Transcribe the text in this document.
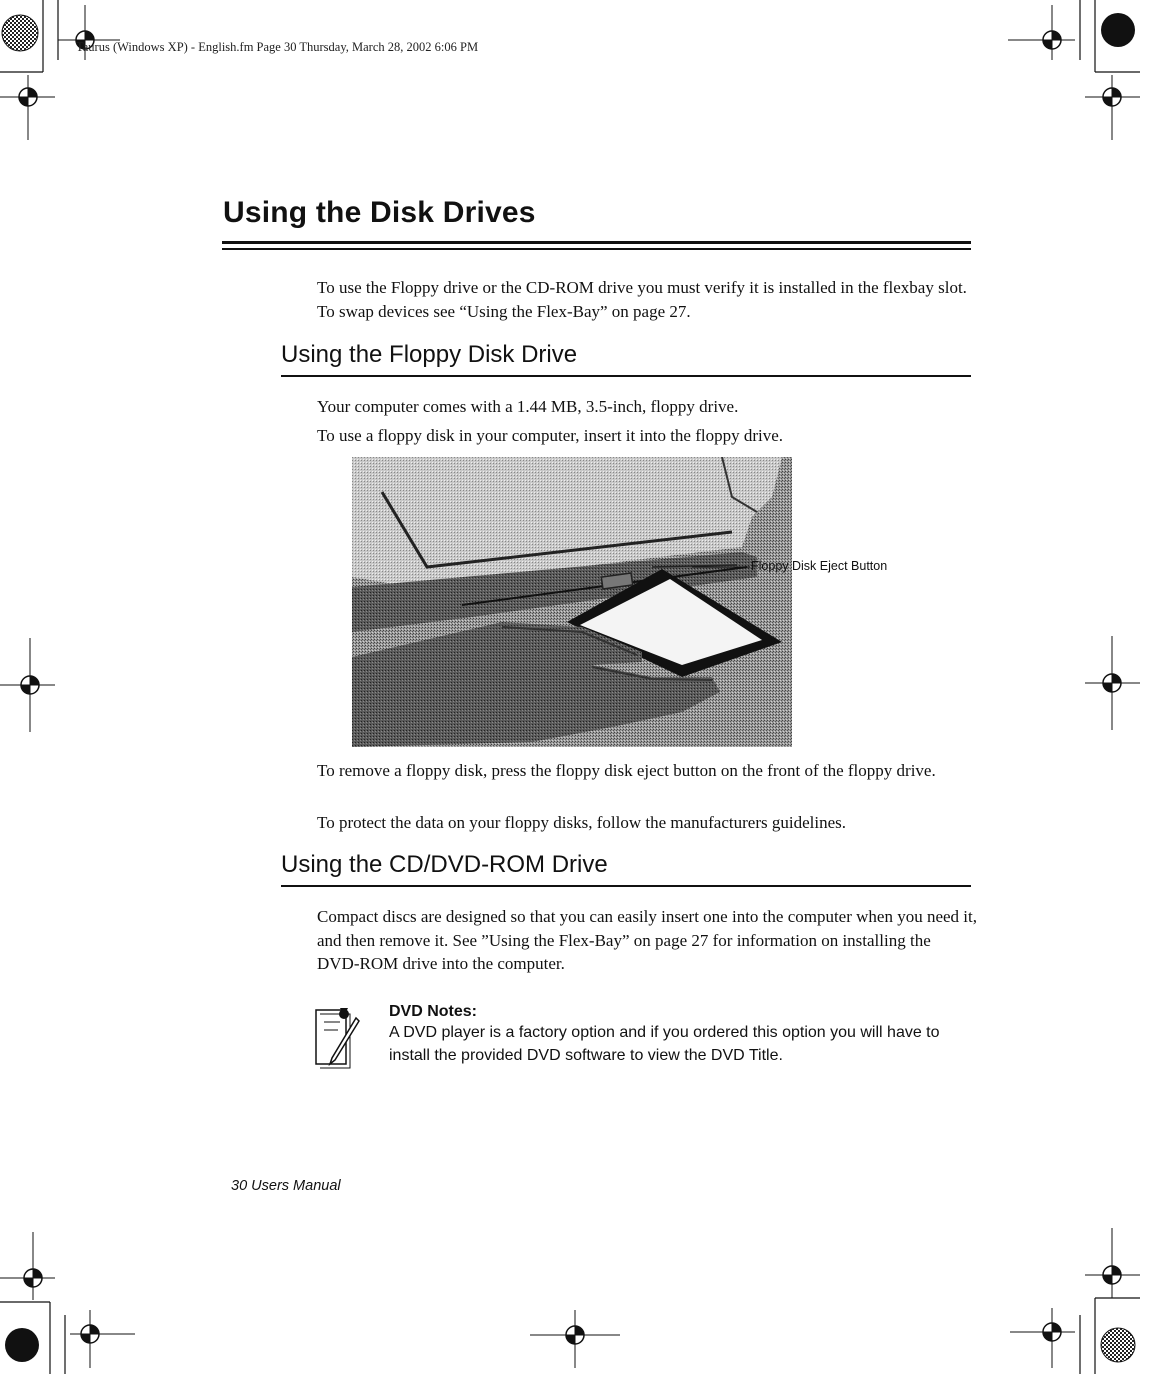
Taurus (Windows XP) - English.fm Page 30 Thursday, March 28, 2002 6:06 PM
Using the Disk Drives

To use the Floppy drive or the CD-ROM drive you must verify it is installed in the flexbay slot. To swap devices see “Using the Flex-Bay” on page 27.

Using the Floppy Disk Drive

Your computer comes with a 1.44 MB, 3.5-inch, floppy drive.

To use a floppy disk in your computer, insert it into the floppy drive.

Floppy Disk Eject Button

To remove a floppy disk, press the floppy disk eject button on the front of the floppy drive.

To protect the data on your floppy disks, follow the manufacturers guidelines.

Using the CD/DVD-ROM Drive

Compact discs are designed so that you can easily insert one into the computer when you need it, and then remove it. See ”Using the Flex-Bay” on page 27 for information on installing the DVD-ROM drive into the computer.

DVD Notes:

A DVD player is a factory option and if you ordered this option you will have to install the provided DVD software to view the DVD Title.

30 Users Manual
